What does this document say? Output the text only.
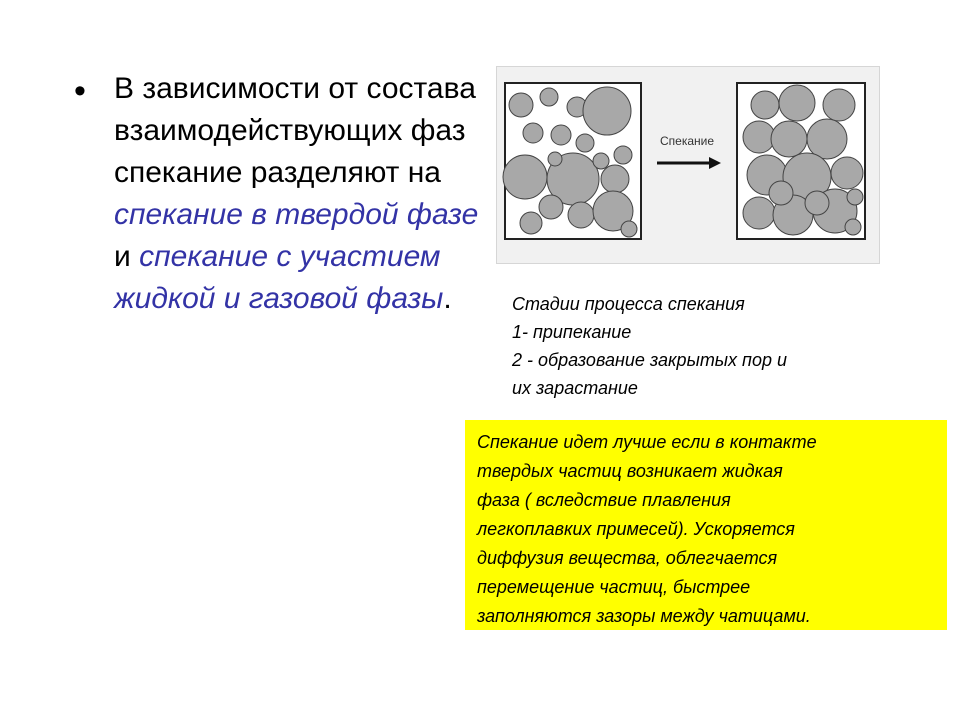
• В зависимости от состава взаимодействующих фаз спекание разделяют на спекание в твердой фазе и спекание с участием жидкой и газовой фазы.

Спекание
Стадии процесса спекания
1- припекание
2 - образование закрытых пор и
их зарастание
Спекание идет лучше если в контакте
твердых частиц возникает жидкая
фаза ( вследствие плавления
легкоплавких примесей). Ускоряется
диффузия вещества, облегчается
перемещение частиц, быстрее
заполняются зазоры между чатицами.
